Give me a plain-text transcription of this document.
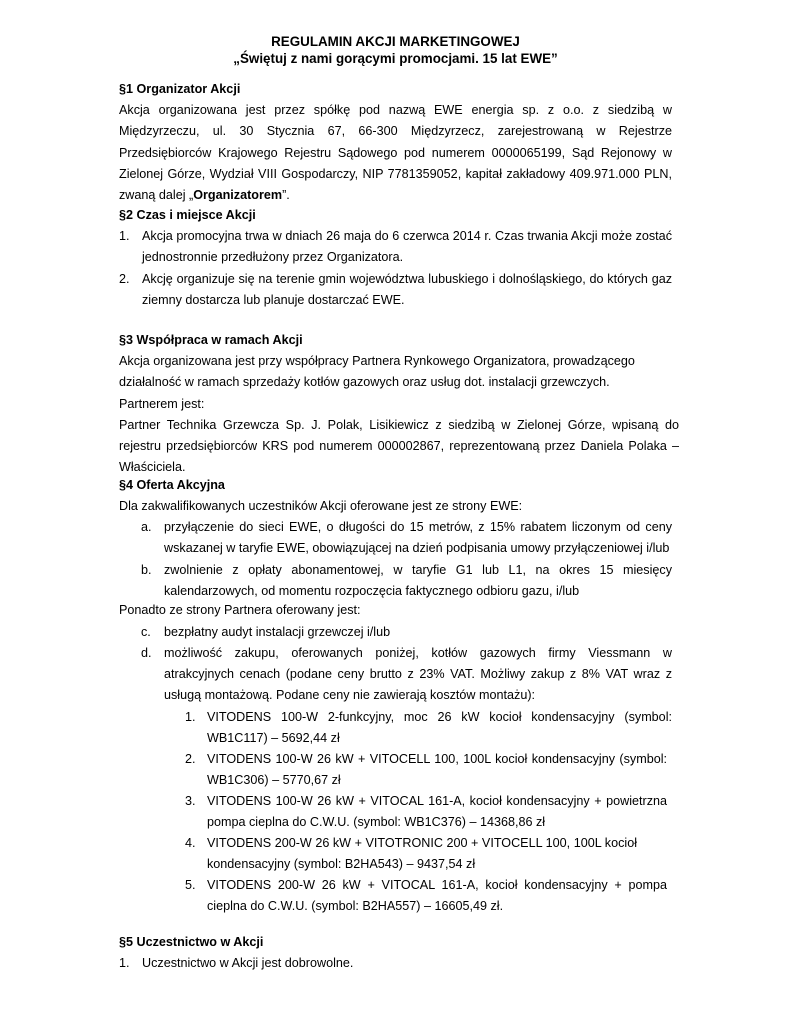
REGULAMIN AKCJI MARKETINGOWEJ
„Świętuj z nami gorącymi promocjami. 15 lat EWE”
§1 Organizator Akcji
Akcja organizowana jest przez spółkę pod nazwą EWE energia sp. z o.o. z siedzibą w Międzyrzeczu, ul. 30 Stycznia 67, 66-300 Międzyrzecz, zarejestrowaną w Rejestrze Przedsiębiorców Krajowego Rejestru Sądowego pod numerem 0000065199, Sąd Rejonowy w Zielonej Górze, Wydział VIII Gospodarczy, NIP 7781359052, kapitał zakładowy 409.971.000 PLN, zwaną dalej „Organizatorem”.
§2 Czas i miejsce Akcji
1. Akcja promocyjna trwa w dniach 26 maja do 6 czerwca 2014 r. Czas trwania Akcji może zostać jednostronnie przedłużony przez Organizatora.
2. Akcję organizuje się na terenie gmin województwa lubuskiego i dolnośląskiego, do których gaz ziemny dostarcza lub planuje dostarczać EWE.
§3 Współpraca w ramach Akcji
Akcja organizowana jest przy współpracy Partnera Rynkowego Organizatora, prowadzącego działalność w ramach sprzedaży kotłów gazowych oraz usług dot. instalacji grzewczych. Partnerem jest:
Partner Technika Grzewcza Sp. J. Polak, Lisikiewicz z siedzibą w Zielonej Górze, wpisaną do rejestru przedsiębiorców KRS pod numerem 000002867, reprezentowaną przez Daniela Polaka – Właściciela.
§4 Oferta Akcyjna
Dla zakwalifikowanych uczestników Akcji oferowane jest ze strony EWE:
a. przyłączenie do sieci EWE, o długości do 15 metrów, z 15% rabatem liczonym od ceny wskazanej w taryfie EWE, obowiązującej na dzień podpisania umowy przyłączeniowej i/lub
b. zwolnienie z opłaty abonamentowej, w taryfie G1 lub L1, na okres 15 miesięcy kalendarzowych, od momentu rozpoczęcia faktycznego odbioru gazu, i/lub
Ponadto ze strony Partnera oferowany jest:
c. bezpłatny audyt instalacji grzewczej i/lub
d. możliwość zakupu, oferowanych poniżej, kotłów gazowych firmy Viessmann w atrakcyjnych cenach (podane ceny brutto z 23% VAT. Możliwy zakup z 8% VAT wraz z usługą montażową. Podane ceny nie zawierają kosztów montażu):
1. VITODENS 100-W 2-funkcyjny, moc 26 kW kocioł kondensacyjny (symbol: WB1C117) – 5692,44 zł
2. VITODENS 100-W 26 kW + VITOCELL 100, 100L kocioł kondensacyjny (symbol: WB1C306) – 5770,67 zł
3. VITODENS 100-W 26 kW + VITOCAL 161-A, kocioł kondensacyjny + powietrzna pompa cieplna do C.W.U. (symbol: WB1C376) – 14368,86 zł
4. VITODENS 200-W 26 kW + VITOTRONIC 200 + VITOCELL 100, 100L kocioł kondensacyjny (symbol: B2HA543) – 9437,54 zł
5. VITODENS 200-W 26 kW + VITOCAL 161-A, kocioł kondensacyjny + pompa cieplna do C.W.U. (symbol: B2HA557) – 16605,49 zł.
§5 Uczestnictwo w Akcji
1. Uczestnictwo w Akcji jest dobrowolne.
